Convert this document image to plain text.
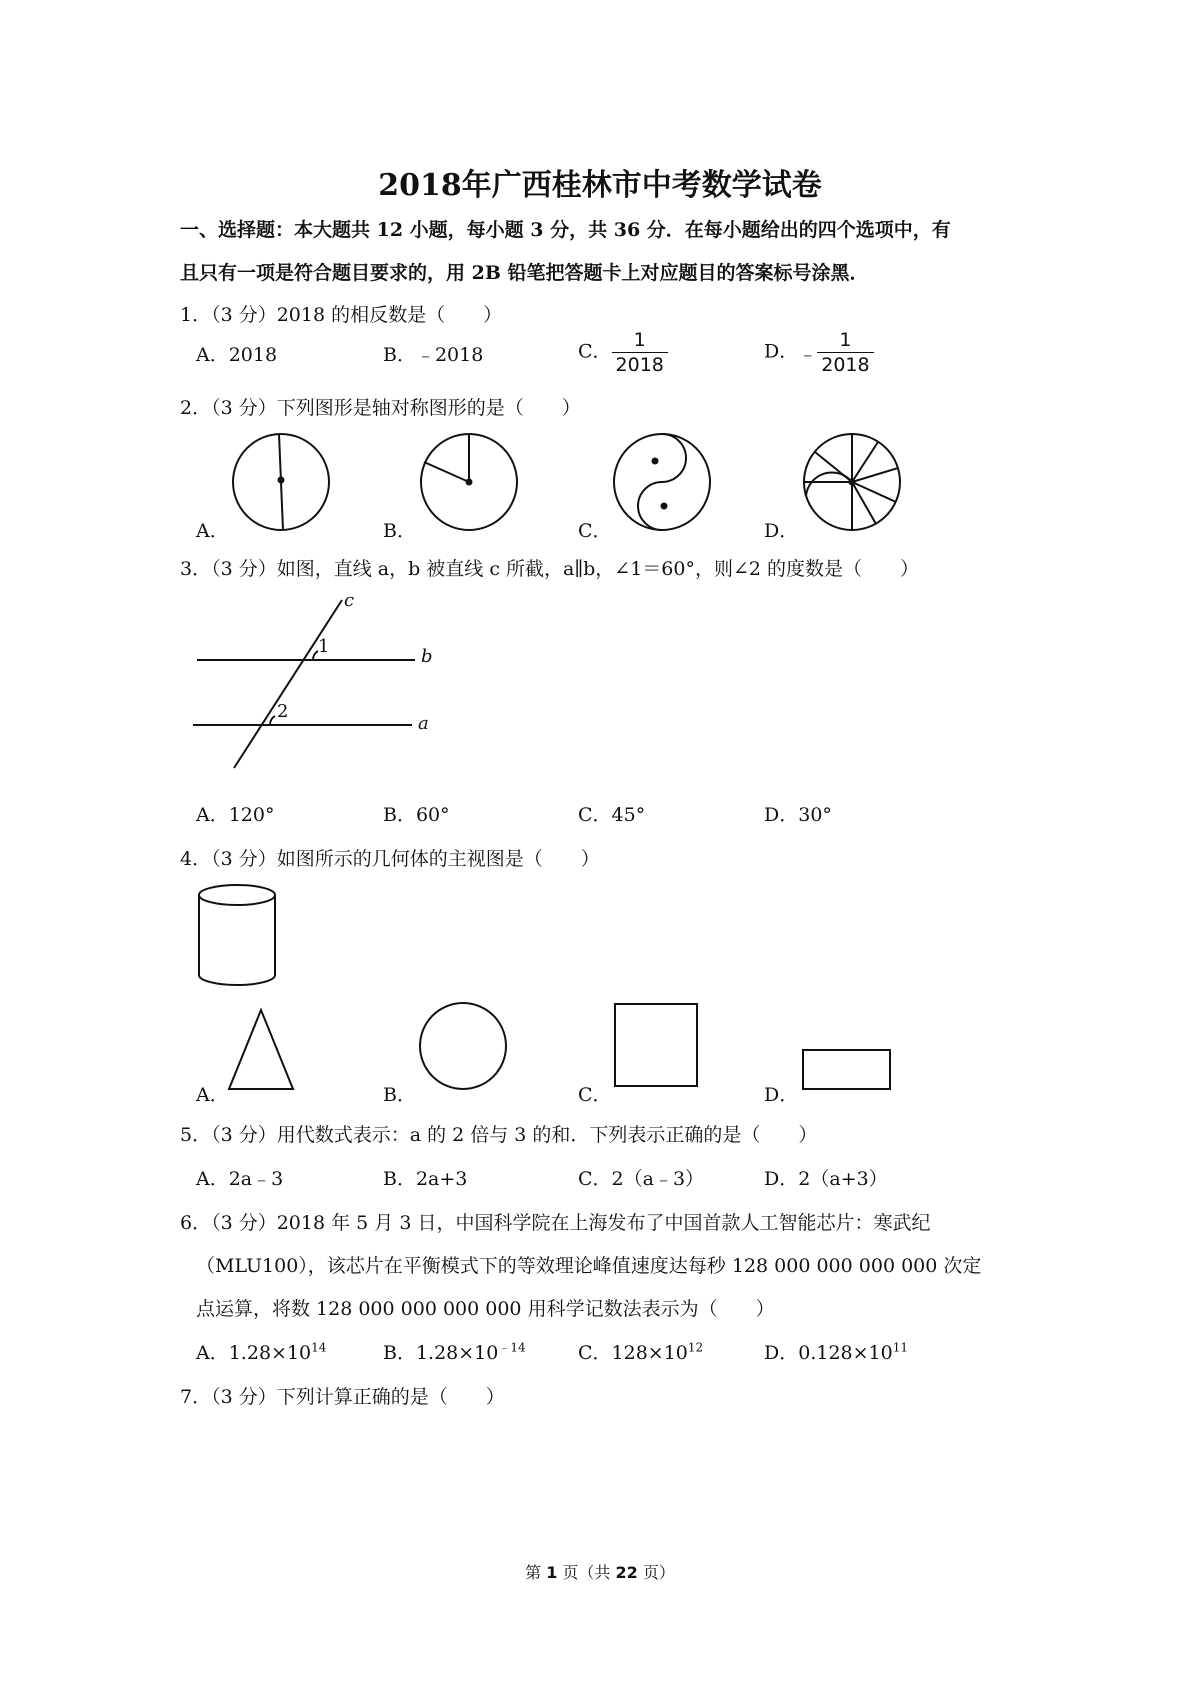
2018年广西桂林市中考数学试卷
一、选择题：本大题共 12 小题，每小题 3 分，共 36 分．在每小题给出的四个选项中，有
且只有一项是符合题目要求的，用 2B 铅笔把答题卡上对应题目的答案标号涂黑．
1．（3 分）2018 的相反数是（　　）
A．2018	B．﹣2018	C． $\frac{1}{2018}$	D．﹣ $\frac{1}{2018}$
2．（3 分）下列图形是轴对称图形的是（　　）
A．	B．	C．	D．
3．（3 分）如图，直线 a，b 被直线 c 所截，a∥b，∠1＝60°，则∠2 的度数是（　　）
c
b
a
1
2
A．120°	B．60°	C．45°	D．30°
4．（3 分）如图所示的几何体的主视图是（　　）
A．	B．	C．	D．
5．（3 分）用代数式表示：a 的 2 倍与 3 的和．下列表示正确的是（　　）
A．2a﹣3	B．2a+3	C．2（a﹣3）	D．2（a+3）
6．（3 分）2018 年 5 月 3 日，中国科学院在上海发布了中国首款人工智能芯片：寒武纪
（MLU100），该芯片在平衡模式下的等效理论峰值速度达每秒 128 000 000 000 000 次定
点运算，将数 128 000 000 000 000 用科学记数法表示为（　　）
A．$1.28\times 10^{14}$	B．$1.28\times 10^{﹣14}$	C．$128\times 10^{12}$	D．$0.128\times 10^{11}$
7．（3 分）下列计算正确的是（　　）
第 1 页（共 22 页）
